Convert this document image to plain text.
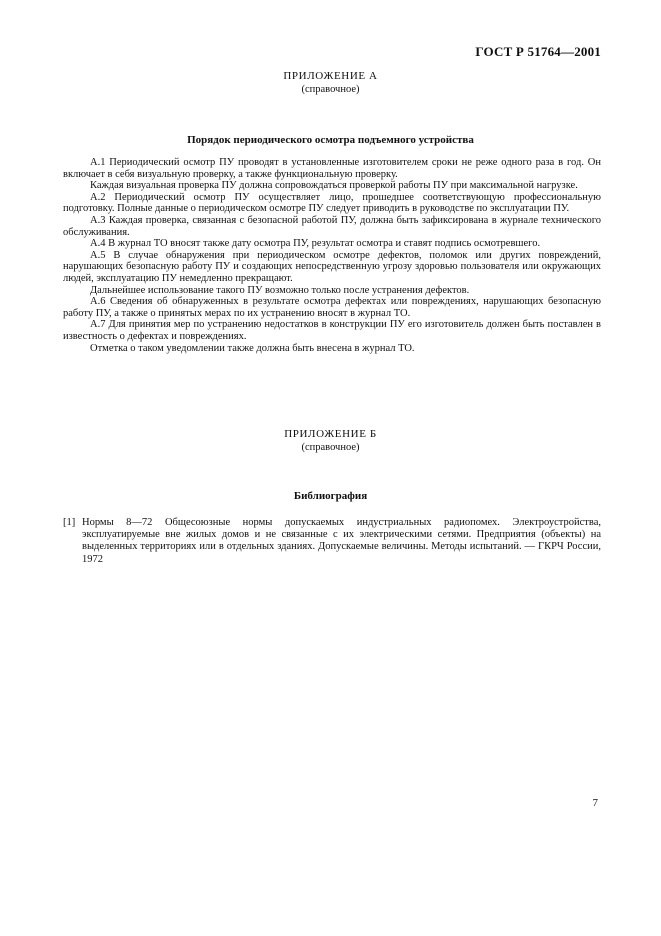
ГОСТ Р 51764—2001
ПРИЛОЖЕНИЕ А
(справочное)
Порядок периодического осмотра подъемного устройства

А.1 Периодический осмотр ПУ проводят в установленные изготовителем сроки не реже одного раза в год. Он включает в себя визуальную проверку, а также функциональную проверку.

Каждая визуальная проверка ПУ должна сопровождаться проверкой работы ПУ при максимальной нагрузке.

А.2 Периодический осмотр ПУ осуществляет лицо, прошедшее соответствующую профессиональную подготовку. Полные данные о периодическом осмотре ПУ следует приводить в руководстве по эксплуатации ПУ.

А.3 Каждая проверка, связанная с безопасной работой ПУ, должна быть зафиксирована в журнале технического обслуживания.

А.4 В журнал ТО вносят также дату осмотра ПУ, результат осмотра и ставят подпись осмотревшего.

А.5 В случае обнаружения при периодическом осмотре дефектов, поломок или других повреждений, нарушающих безопасную работу ПУ и создающих непосредственную угрозу здоровью пользователя или окружающих людей, эксплуатацию ПУ немедленно прекращают.

Дальнейшее использование такого ПУ возможно только после устранения дефектов.

А.6 Сведения об обнаруженных в результате осмотра дефектах или повреждениях, нарушающих безопасную работу ПУ, а также о принятых мерах по их устранению вносят в журнал ТО.

А.7 Для принятия мер по устранению недостатков в конструкции ПУ его изготовитель должен быть поставлен в известность о дефектах и повреждениях.

Отметка о таком уведомлении также должна быть внесена в журнал ТО.

ПРИЛОЖЕНИЕ Б
(справочное)
Библиография
[1] Нормы 8—72 Общесоюзные нормы допускаемых индустриальных радиопомех. Электроустройства, эксплуатируемые вне жилых домов и не связанные с их электрическими сетями. Предприятия (объекты) на выделенных территориях или в отдельных зданиях. Допускаемые величины. Методы испытаний. — ГКРЧ России, 1972
7
